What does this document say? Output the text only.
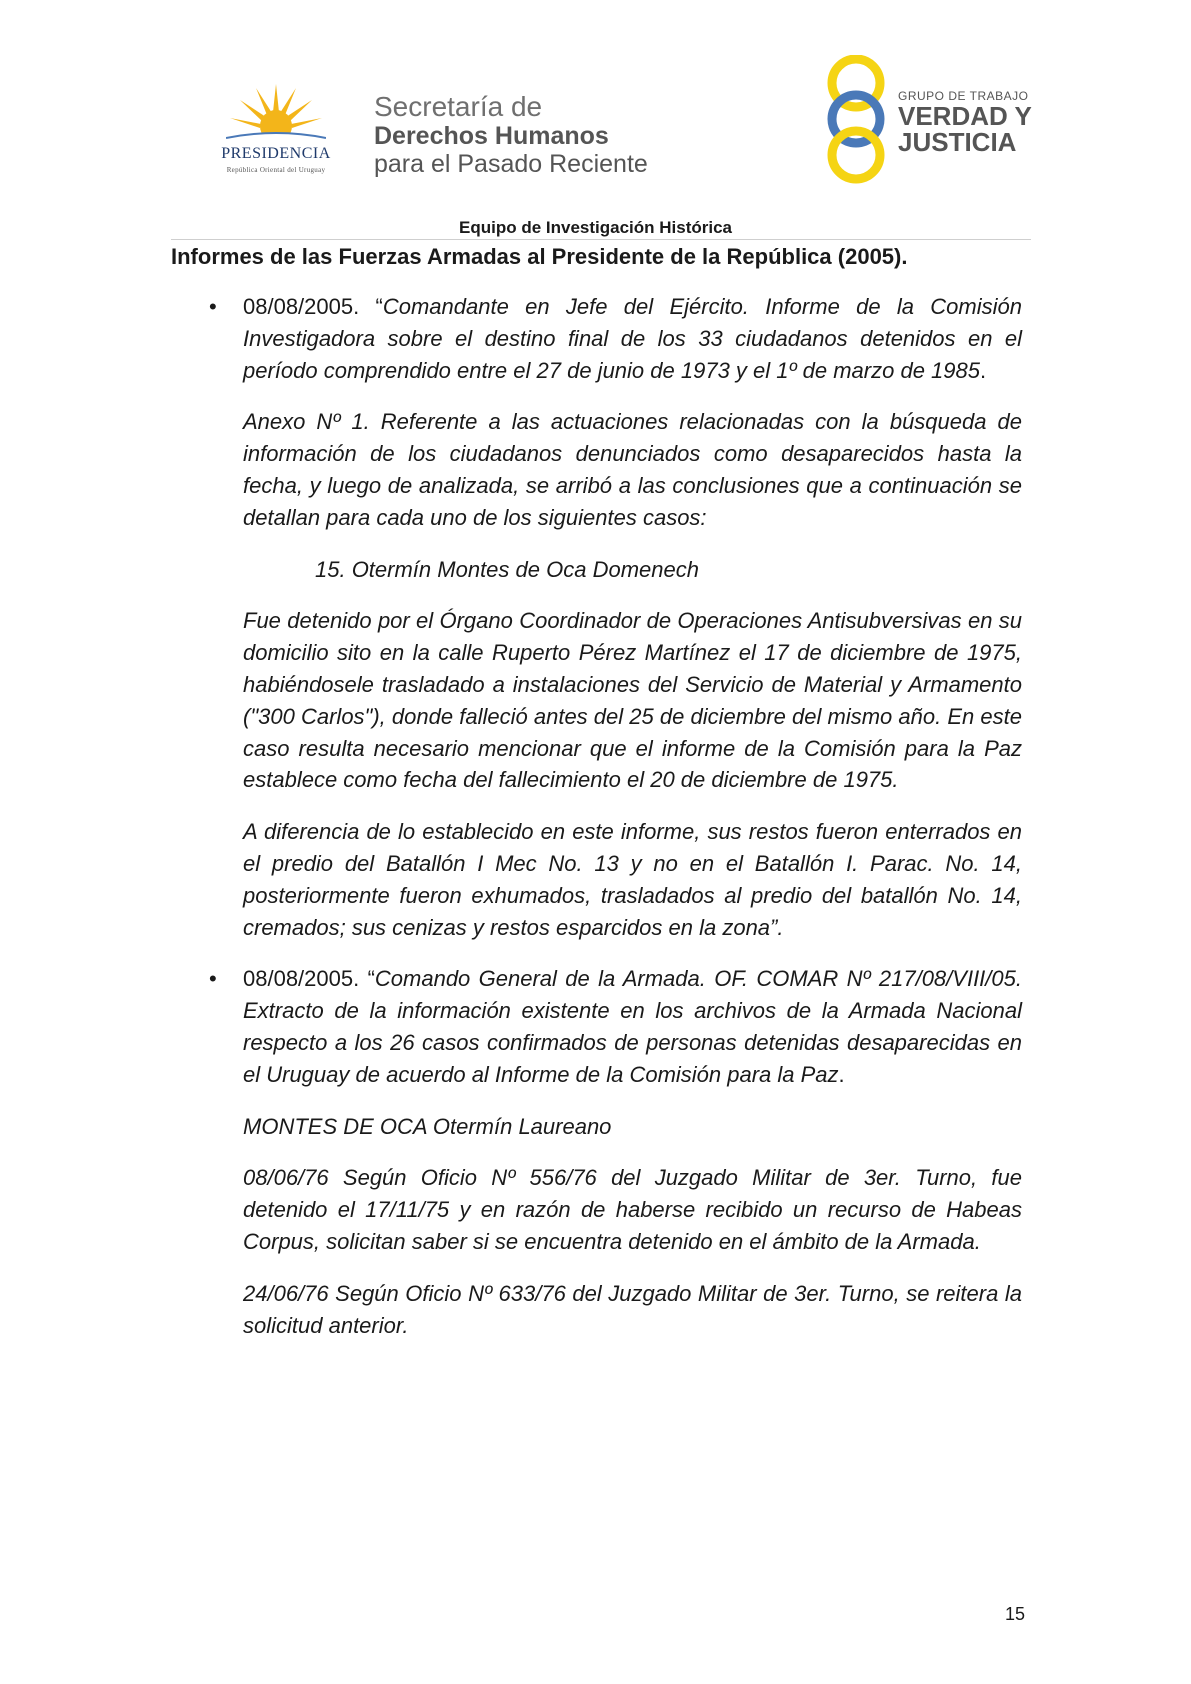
PRESIDENCIA
República Oriental del Uruguay
Secretaría de
Derechos Humanos
para el Pasado Reciente
GRUPO DE TRABAJO
VERDAD Y
JUSTICIA
Equipo de Investigación Histórica
Informes de las Fuerzas Armadas al Presidente de la República (2005).
• 08/08/2005. “Comandante en Jefe del Ejército. Informe de la Comisión Investigadora sobre el destino final de los 33 ciudadanos detenidos en el período comprendido entre el 27 de junio de 1973 y el 1º de marzo de 1985.

Anexo Nº 1. Referente a las actuaciones relacionadas con la búsqueda de información de los ciudadanos denunciados como desaparecidos hasta la fecha, y luego de analizada, se arribó a las conclusiones que a continuación se detallan para cada uno de los siguientes casos:

15. Otermín Montes de Oca Domenech

Fue detenido por el Órgano Coordinador de Operaciones Antisubversivas en su domicilio sito en la calle Ruperto Pérez Martínez el 17 de diciembre de 1975, habiéndosele trasladado a instalaciones del Servicio de Material y Armamento ("300 Carlos"), donde falleció antes del 25 de diciembre del mismo año. En este caso resulta necesario mencionar que el informe de la Comisión para la Paz establece como fecha del fallecimiento el 20 de diciembre de 1975.

A diferencia de lo establecido en este informe, sus restos fueron enterrados en el predio del Batallón I Mec No. 13 y no en el Batallón I. Parac. No. 14, posteriormente fueron exhumados, trasladados al predio del batallón No. 14, cremados; sus cenizas y restos esparcidos en la zona”.

• 08/08/2005. “Comando General de la Armada. OF. COMAR Nº 217/08/VIII/05. Extracto de la información existente en los archivos de la Armada Nacional respecto a los 26 casos confirmados de personas detenidas desaparecidas en el Uruguay de acuerdo al Informe de la Comisión para la Paz.

MONTES DE OCA Otermín Laureano

08/06/76 Según Oficio Nº 556/76 del Juzgado Militar de 3er. Turno, fue detenido el 17/11/75 y en razón de haberse recibido un recurso de Habeas Corpus, solicitan saber si se encuentra detenido en el ámbito de la Armada.

24/06/76 Según Oficio Nº 633/76 del Juzgado Militar de 3er. Turno, se reitera la solicitud anterior.

15
